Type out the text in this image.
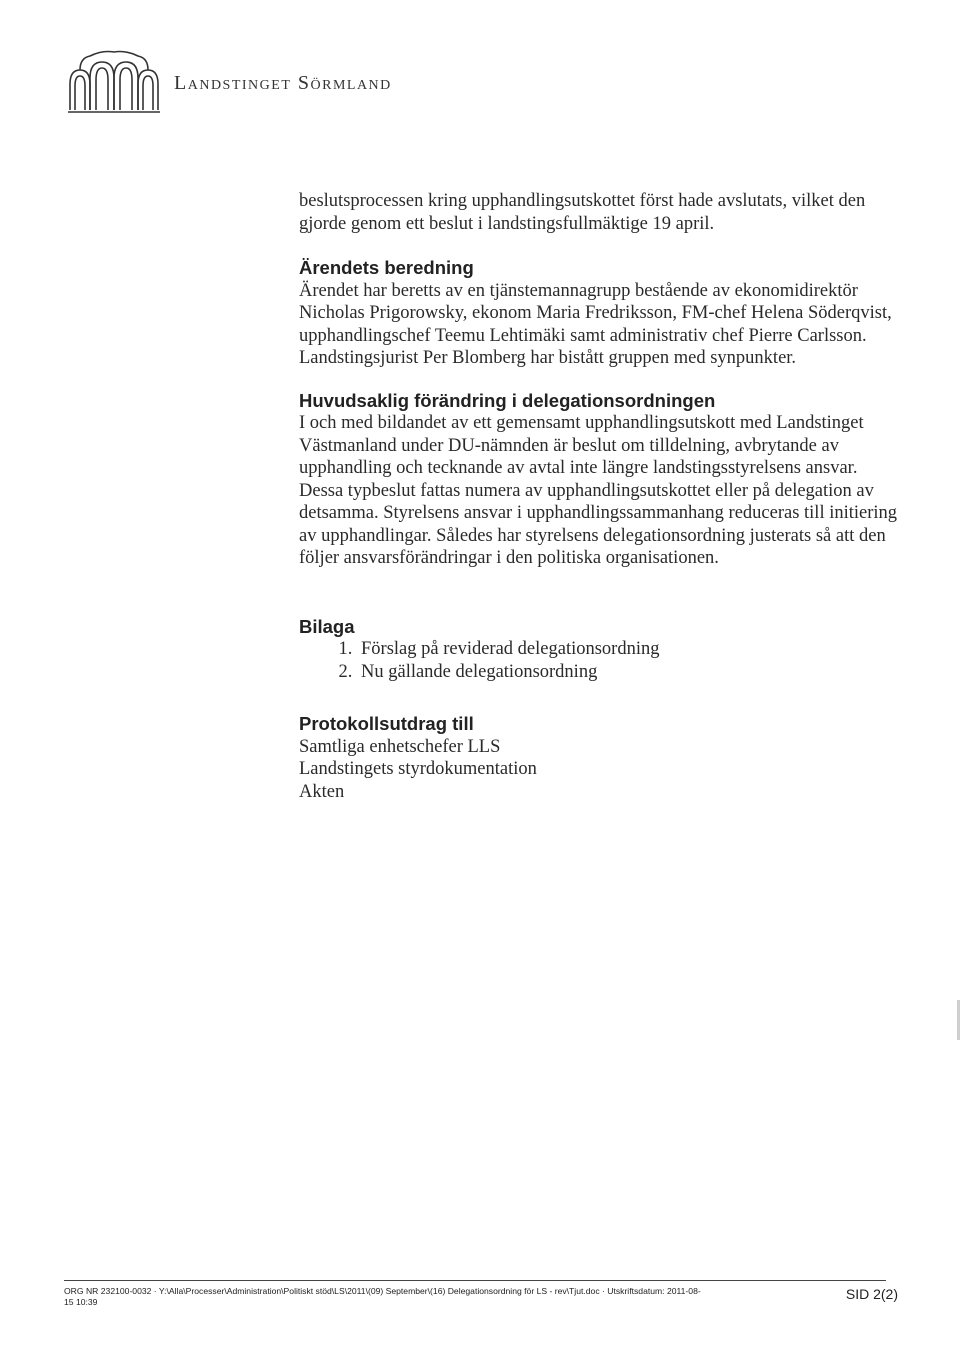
Landstinget Sörmland

beslutsprocessen kring upphandlingsutskottet först hade avslutats, vilket den gjorde genom ett beslut i landstingsfullmäktige 19 april.

Ärendets beredning

Ärendet har beretts av en tjänstemannagrupp bestående av ekonomidirektör Nicholas Prigorowsky, ekonom Maria Fredriksson, FM-chef Helena Söderqvist, upphandlingschef Teemu Lehtimäki samt administrativ chef Pierre Carlsson. Landstingsjurist Per Blomberg har bistått gruppen med synpunkter.

Huvudsaklig förändring i delegationsordningen

I och med bildandet av ett gemensamt upphandlingsutskott med Landstinget Västmanland under DU-nämnden är beslut om tilldelning, avbrytande av upphandling och tecknande av avtal inte längre landstingsstyrelsens ansvar. Dessa typbeslut fattas numera av upphandlingsutskottet eller på delegation av detsamma. Styrelsens ansvar i upphandlingssammanhang reduceras till initiering av upphandlingar. Således har styrelsens delegationsordning justerats så att den följer ansvarsförändringar i den politiska organisationen.

Bilaga
1. Förslag på reviderad delegationsordning
2. Nu gällande delegationsordning
Protokollsutdrag till
Samtliga enhetschefer LLS
Landstingets styrdokumentation
Akten
ORG NR 232100-0032 · Y:\Alla\Processer\Administration\Politiskt stöd\LS\2011\(09) September\(16) Delegationsordning för LS - rev\Tjut.doc · Utskriftsdatum: 2011-08-15 10:39	SID 2(2)
